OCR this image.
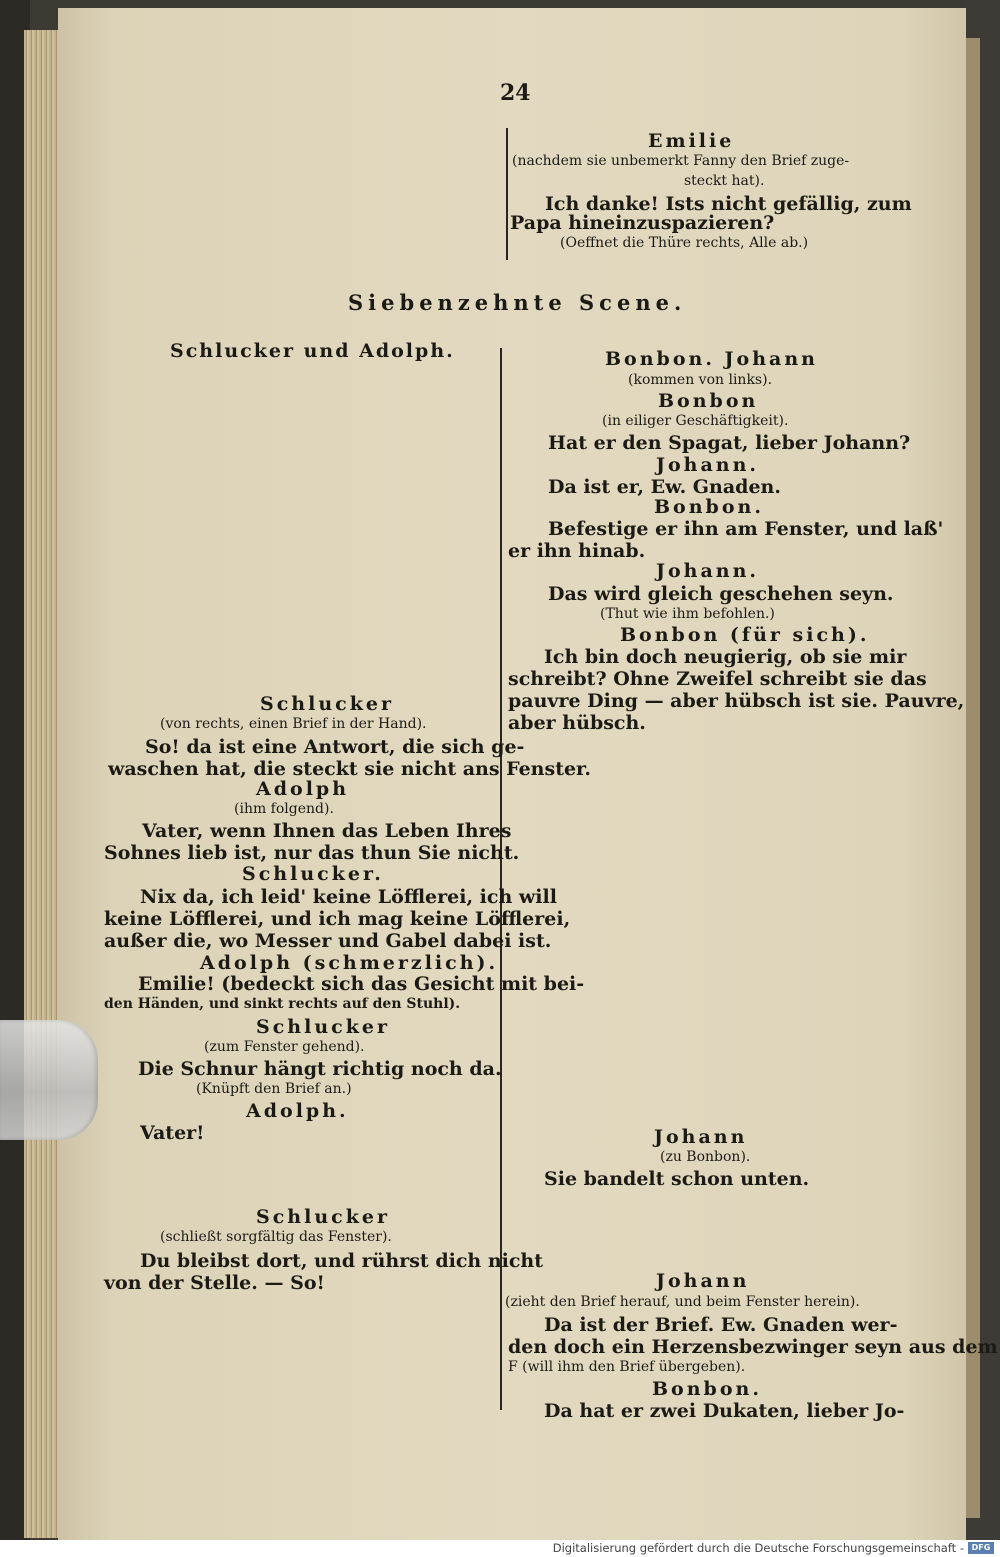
24
Emilie
(nachdem sie unbemerkt Fanny den Brief zuge-
steckt hat).
Ich danke! Ists nicht gefällig, zum
Papa hineinzuspazieren?
(Oeffnet die Thüre rechts, Alle ab.)
Siebenzehnte Scene.
Schlucker und Adolph.
Schlucker
(von rechts, einen Brief in der Hand).
So! da ist eine Antwort, die sich ge-
waschen hat, die steckt sie nicht ans Fenster.
Adolph
(ihm folgend).
Vater, wenn Ihnen das Leben Ihres
Sohnes lieb ist, nur das thun Sie nicht.
Schlucker.
Nix da, ich leid' keine Löfflerei, ich will
keine Löfflerei, und ich mag keine Löfflerei,
außer die, wo Messer und Gabel dabei ist.
Adolph (schmerzlich).
Emilie! (bedeckt sich das Gesicht mit bei-
den Händen, und sinkt rechts auf den Stuhl).
Schlucker
(zum Fenster gehend).
Die Schnur hängt richtig noch da.
(Knüpft den Brief an.)
Adolph.
Vater!
Schlucker
(schließt sorgfältig das Fenster).
Du bleibst dort, und rührst dich nicht
von der Stelle. — So!
Bonbon. Johann
(kommen von links).
Bonbon
(in eiliger Geschäftigkeit).
Hat er den Spagat, lieber Johann?
Johann.
Da ist er, Ew. Gnaden.
Bonbon.
Befestige er ihn am Fenster, und laß'
er ihn hinab.
Johann.
Das wird gleich geschehen seyn.
(Thut wie ihm befohlen.)
Bonbon (für sich).
Ich bin doch neugierig, ob sie mir
schreibt? Ohne Zweifel schreibt sie das
pauvre Ding — aber hübsch ist sie. Pauvre,
aber hübsch.
Johann
(zu Bonbon).
Sie bandelt schon unten.
Johann
(zieht den Brief herauf, und beim Fenster herein).
Da ist der Brief. Ew. Gnaden wer-
den doch ein Herzensbezwinger seyn aus dem
F (will ihm den Brief übergeben).
Bonbon.
Da hat er zwei Dukaten, lieber Jo-
Digitalisierung gefördert durch die Deutsche Forschungsgemeinschaft - DFG
